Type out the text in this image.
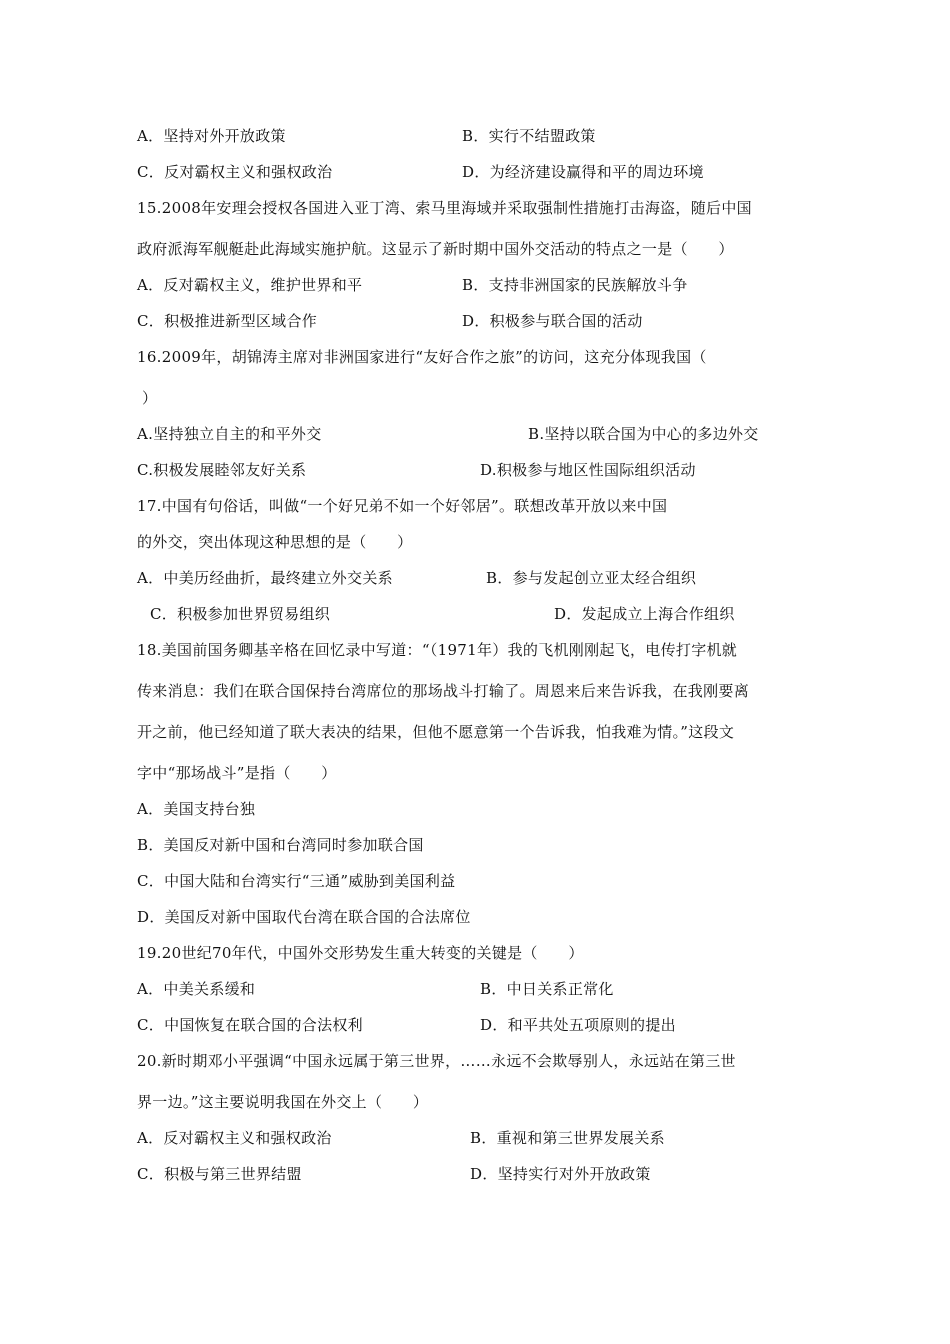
A．坚持对外开放政策	B．实行不结盟政策
C．反对霸权主义和强权政治	D．为经济建设赢得和平的周边环境
15.2008年安理会授权各国进入亚丁湾、索马里海域并采取强制性措施打击海盗，随后中国
政府派海军舰艇赴此海域实施护航。这显示了新时期中国外交活动的特点之一是（　　）
A．反对霸权主义，维护世界和平	B．支持非洲国家的民族解放斗争
C．积极推进新型区域合作	D．积极参与联合国的活动
16.2009年，胡锦涛主席对非洲国家进行“友好合作之旅”的访问，这充分体现我国（
）
A.坚持独立自主的和平外交	B.坚持以联合国为中心的多边外交
C.积极发展睦邻友好关系	D.积极参与地区性国际组织活动
17.中国有句俗话，叫做“一个好兄弟不如一个好邻居”。联想改革开放以来中国
的外交，突出体现这种思想的是（　　）
A．中美历经曲折，最终建立外交关系	B．参与发起创立亚太经合组织
C．积极参加世界贸易组织	D．发起成立上海合作组织
18.美国前国务卿基辛格在回忆录中写道：“（1971年）我的飞机刚刚起飞，电传打字机就
传来消息：我们在联合国保持台湾席位的那场战斗打输了。周恩来后来告诉我，在我刚要离
开之前，他已经知道了联大表决的结果，但他不愿意第一个告诉我，怕我难为情。”这段文
字中“那场战斗”是指（　　）
A．美国支持台独
B．美国反对新中国和台湾同时参加联合国
C．中国大陆和台湾实行“三通”威胁到美国利益
D．美国反对新中国取代台湾在联合国的合法席位
19.20世纪70年代，中国外交形势发生重大转变的关键是（　　）
A．中美关系缓和	B．中日关系正常化
C．中国恢复在联合国的合法权利	D．和平共处五项原则的提出
20.新时期邓小平强调“中国永远属于第三世界，……永远不会欺辱别人，永远站在第三世
界一边。”这主要说明我国在外交上（　　）
A．反对霸权主义和强权政治	B．重视和第三世界发展关系
C．积极与第三世界结盟	D．坚持实行对外开放政策
